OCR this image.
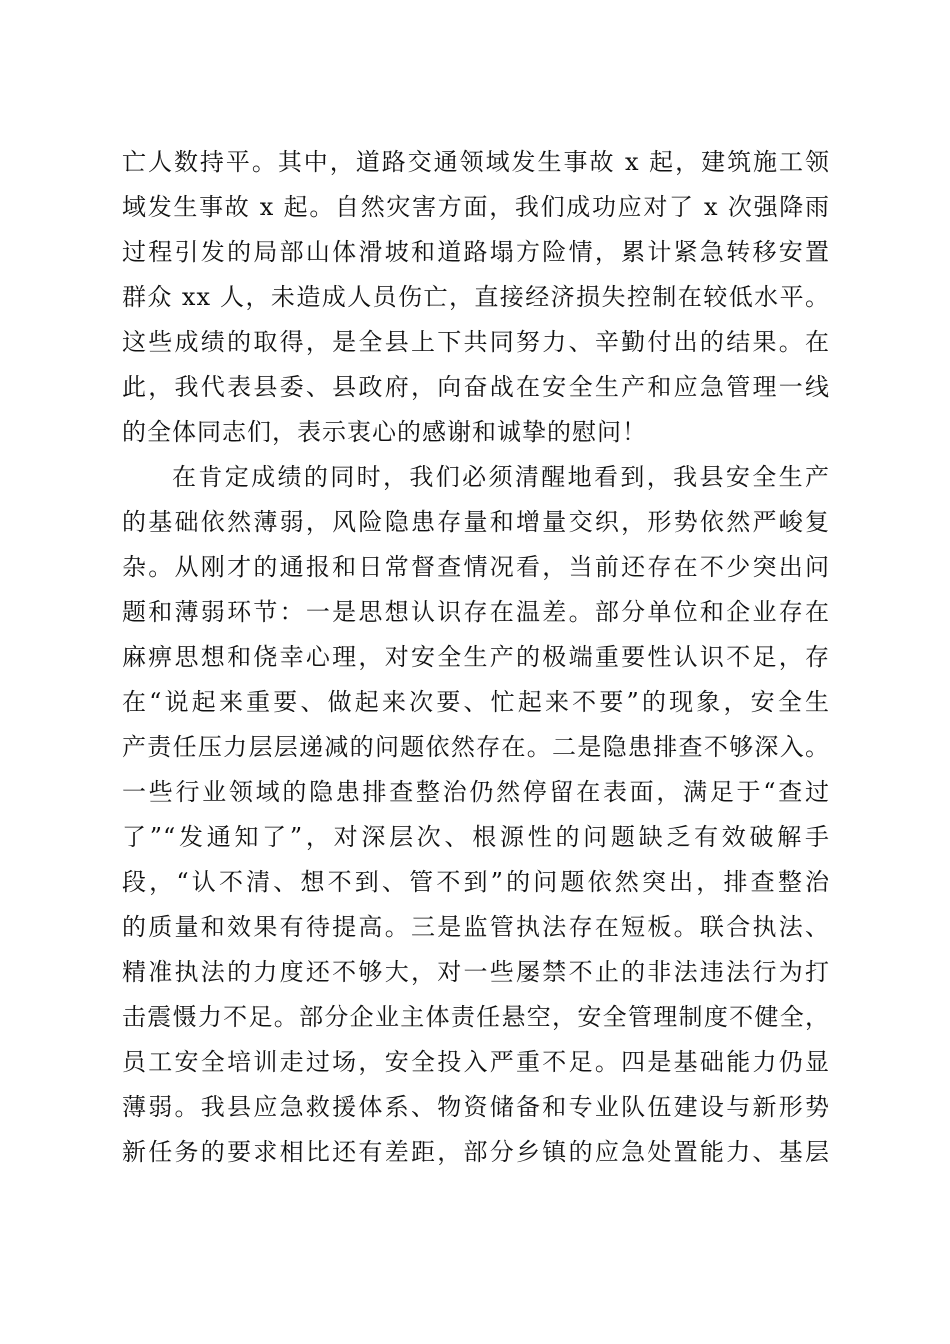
亡人数持平。其中，道路交通领域发生事故 x 起，建筑施工领
域发生事故 x 起。自然灾害方面，我们成功应对了 x 次强降雨
过程引发的局部山体滑坡和道路塌方险情，累计紧急转移安置
群众 xx 人，未造成人员伤亡，直接经济损失控制在较低水平。
这些成绩的取得，是全县上下共同努力、辛勤付出的结果。在
此，我代表县委、县政府，向奋战在安全生产和应急管理一线
的全体同志们，表示衷心的感谢和诚挚的慰问！
在肯定成绩的同时，我们必须清醒地看到，我县安全生产
的基础依然薄弱，风险隐患存量和增量交织，形势依然严峻复
杂。从刚才的通报和日常督查情况看，当前还存在不少突出问
题和薄弱环节：一是思想认识存在温差。部分单位和企业存在
麻痹思想和侥幸心理，对安全生产的极端重要性认识不足，存
在“说起来重要、做起来次要、忙起来不要”的现象，安全生
产责任压力层层递减的问题依然存在。二是隐患排查不够深入。
一些行业领域的隐患排查整治仍然停留在表面，满足于“查过
了”“发通知了”，对深层次、根源性的问题缺乏有效破解手
段，“认不清、想不到、管不到”的问题依然突出，排查整治
的质量和效果有待提高。三是监管执法存在短板。联合执法、
精准执法的力度还不够大，对一些屡禁不止的非法违法行为打
击震慑力不足。部分企业主体责任悬空，安全管理制度不健全，
员工安全培训走过场，安全投入严重不足。四是基础能力仍显
薄弱。我县应急救援体系、物资储备和专业队伍建设与新形势
新任务的要求相比还有差距，部分乡镇的应急处置能力、基层
